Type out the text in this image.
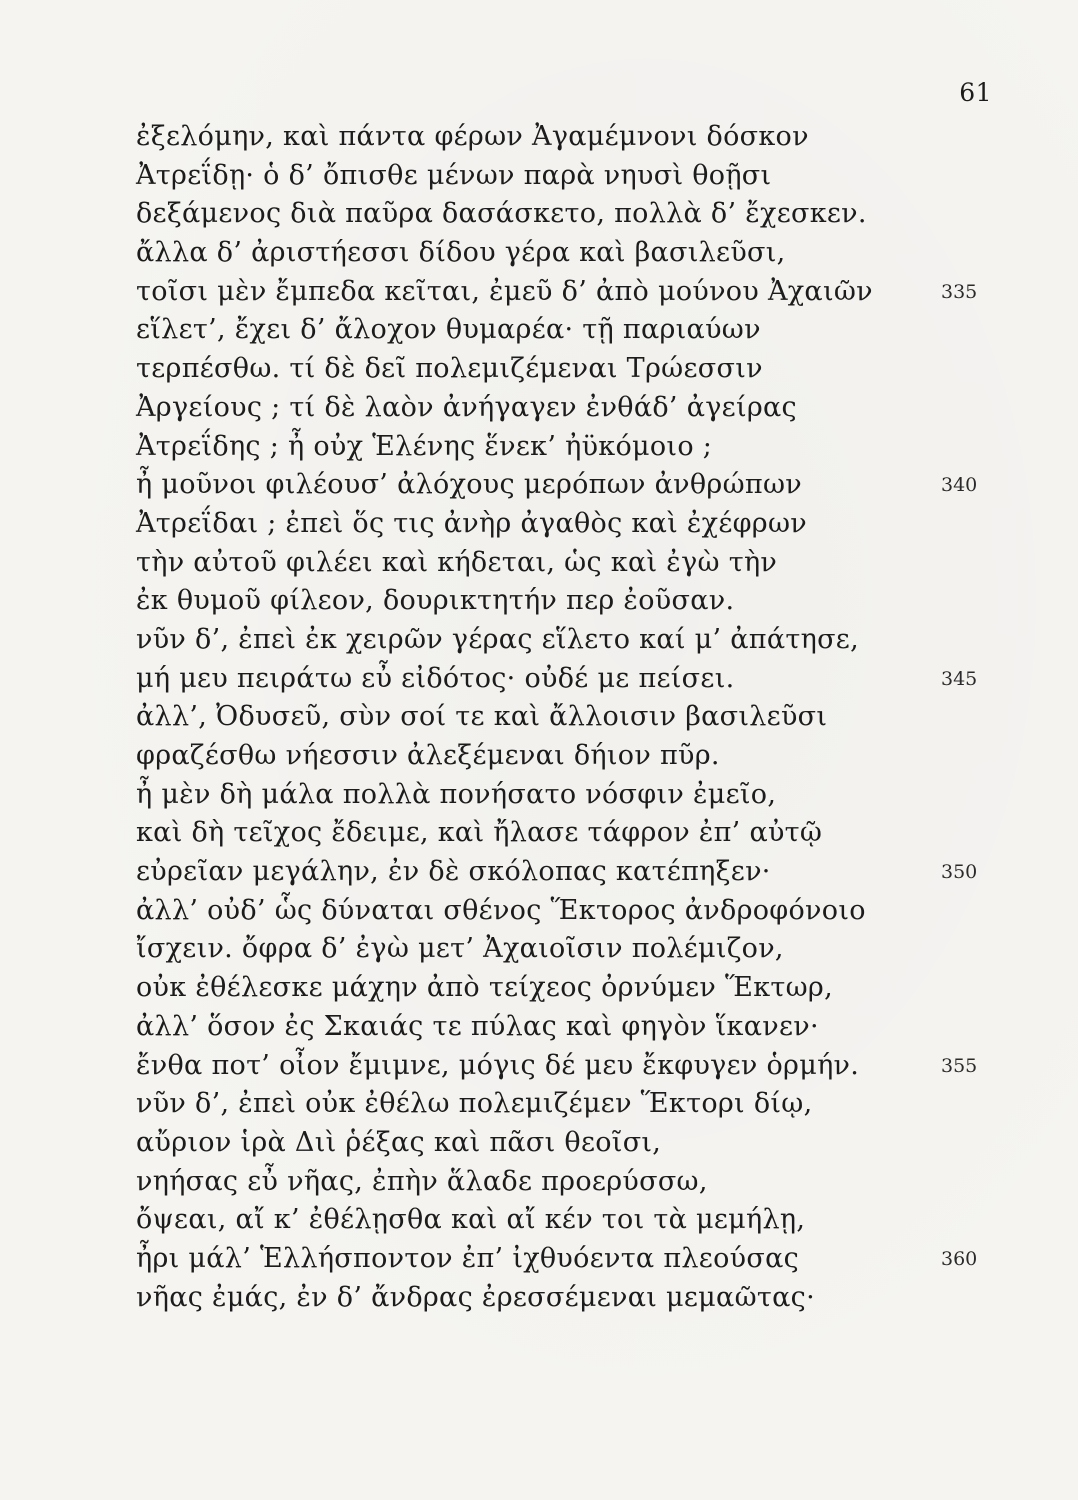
61
ἐξελόμην, καὶ πάντα φέρων Ἀγαμέμνονι δόσκον
Ἀτρεΐδῃ· ὁ δ’ ὄπισθε μένων παρὰ νηυσὶ θοῇσι
δεξάμενος διὰ παῦρα δασάσκετο, πολλὰ δ’ ἔχεσκεν.
ἄλλα δ’ ἀριστήεσσι δίδου γέρα καὶ βασιλεῦσι,
τοῖσι μὲν ἔμπεδα κεῖται, ἐμεῦ δ’ ἀπὸ μούνου Ἀχαιῶν	335
εἵλετ’, ἔχει δ’ ἄλοχον θυμαρέα· τῇ παριαύων
τερπέσθω. τί δὲ δεῖ πολεμιζέμεναι Τρώεσσιν
Ἀργείους ; τί δὲ λαὸν ἀνήγαγεν ἐνθάδ’ ἀγείρας
Ἀτρεΐδης ; ἦ οὐχ Ἑλένης ἕνεκ’ ἠϋκόμοιο ;
ἦ μοῦνοι φιλέουσ’ ἀλόχους μερόπων ἀνθρώπων	340
Ἀτρεΐδαι ; ἐπεὶ ὅς τις ἀνὴρ ἀγαθὸς καὶ ἐχέφρων
τὴν αὐτοῦ φιλέει καὶ κήδεται, ὡς καὶ ἐγὼ τὴν
ἐκ θυμοῦ φίλεον, δουρικτητήν περ ἐοῦσαν.
νῦν δ’, ἐπεὶ ἐκ χειρῶν γέρας εἵλετο καί μ’ ἀπάτησε,
μή μευ πειράτω εὖ εἰδότος· οὐδέ με πείσει.	345
ἀλλ’, Ὀδυσεῦ, σὺν σοί τε καὶ ἄλλοισιν βασιλεῦσι
φραζέσθω νήεσσιν ἀλεξέμεναι δήιον πῦρ.
ἦ μὲν δὴ μάλα πολλὰ πονήσατο νόσφιν ἐμεῖο,
καὶ δὴ τεῖχος ἔδειμε, καὶ ἤλασε τάφρον ἐπ’ αὐτῷ
εὐρεῖαν μεγάλην, ἐν δὲ σκόλοπας κατέπηξεν·	350
ἀλλ’ οὐδ’ ὧς δύναται σθένος Ἕκτορος ἀνδροφόνοιο
ἴσχειν. ὄφρα δ’ ἐγὼ μετ’ Ἀχαιοῖσιν πολέμιζον,
οὐκ ἐθέλεσκε μάχην ἀπὸ τείχεος ὀρνύμεν Ἕκτωρ,
ἀλλ’ ὅσον ἐς Σκαιάς τε πύλας καὶ φηγὸν ἵκανεν·
ἔνθα ποτ’ οἶον ἔμιμνε, μόγις δέ μευ ἔκφυγεν ὁρμήν.	355
νῦν δ’, ἐπεὶ οὐκ ἐθέλω πολεμιζέμεν Ἕκτορι δίῳ,
αὔριον ἱρὰ Διὶ ῥέξας καὶ πᾶσι θεοῖσι,
νηήσας εὖ νῆας, ἐπὴν ἅλαδε προερύσσω,
ὄψεαι, αἴ κ’ ἐθέλῃσθα καὶ αἴ κέν τοι τὰ μεμήλῃ,
ἦρι μάλ’ Ἑλλήσποντον ἐπ’ ἰχθυόεντα πλεούσας	360
νῆας ἐμάς, ἐν δ’ ἄνδρας ἐρεσσέμεναι μεμαῶτας·
